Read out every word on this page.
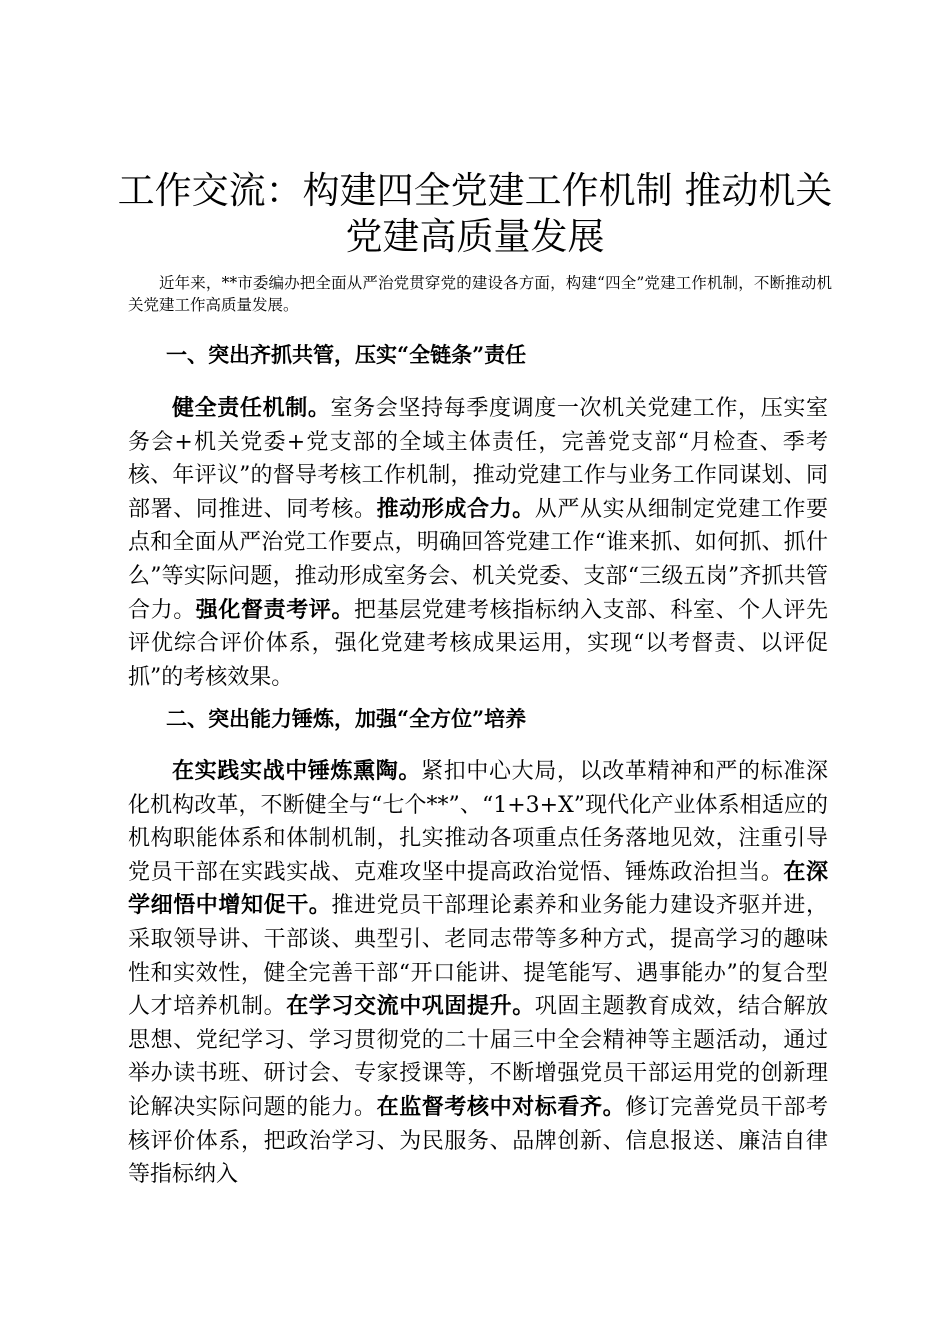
工作交流：构建四全党建工作机制 推动机关党建高质量发展

近年来，**市委编办把全面从严治党贯穿党的建设各方面，构建“四全”党建工作机制，不断推动机关党建工作高质量发展。

一、突出齐抓共管，压实“全链条”责任

健全责任机制。室务会坚持每季度调度一次机关党建工作，压实室务会+机关党委+党支部的全域主体责任，完善党支部“月检查、季考核、年评议”的督导考核工作机制，推动党建工作与业务工作同谋划、同部署、同推进、同考核。推动形成合力。从严从实从细制定党建工作要点和全面从严治党工作要点，明确回答党建工作“谁来抓、如何抓、抓什么”等实际问题，推动形成室务会、机关党委、支部“三级五岗”齐抓共管合力。强化督责考评。把基层党建考核指标纳入支部、科室、个人评先评优综合评价体系，强化党建考核成果运用，实现“以考督责、以评促抓”的考核效果。

二、突出能力锤炼，加强“全方位”培养

在实践实战中锤炼熏陶。紧扣中心大局，以改革精神和严的标准深化机构改革，不断健全与“七个**”、“1+3+X”现代化产业体系相适应的机构职能体系和体制机制，扎实推动各项重点任务落地见效，注重引导党员干部在实践实战、克难攻坚中提高政治觉悟、锤炼政治担当。在深学细悟中增知促干。推进党员干部理论素养和业务能力建设齐驱并进，采取领导讲、干部谈、典型引、老同志带等多种方式，提高学习的趣味性和实效性，健全完善干部“开口能讲、提笔能写、遇事能办”的复合型人才培养机制。在学习交流中巩固提升。巩固主题教育成效，结合解放思想、党纪学习、学习贯彻党的二十届三中全会精神等主题活动，通过举办读书班、研讨会、专家授课等，不断增强党员干部运用党的创新理论解决实际问题的能力。在监督考核中对标看齐。修订完善党员干部考核评价体系，把政治学习、为民服务、品牌创新、信息报送、廉洁自律等指标纳入
